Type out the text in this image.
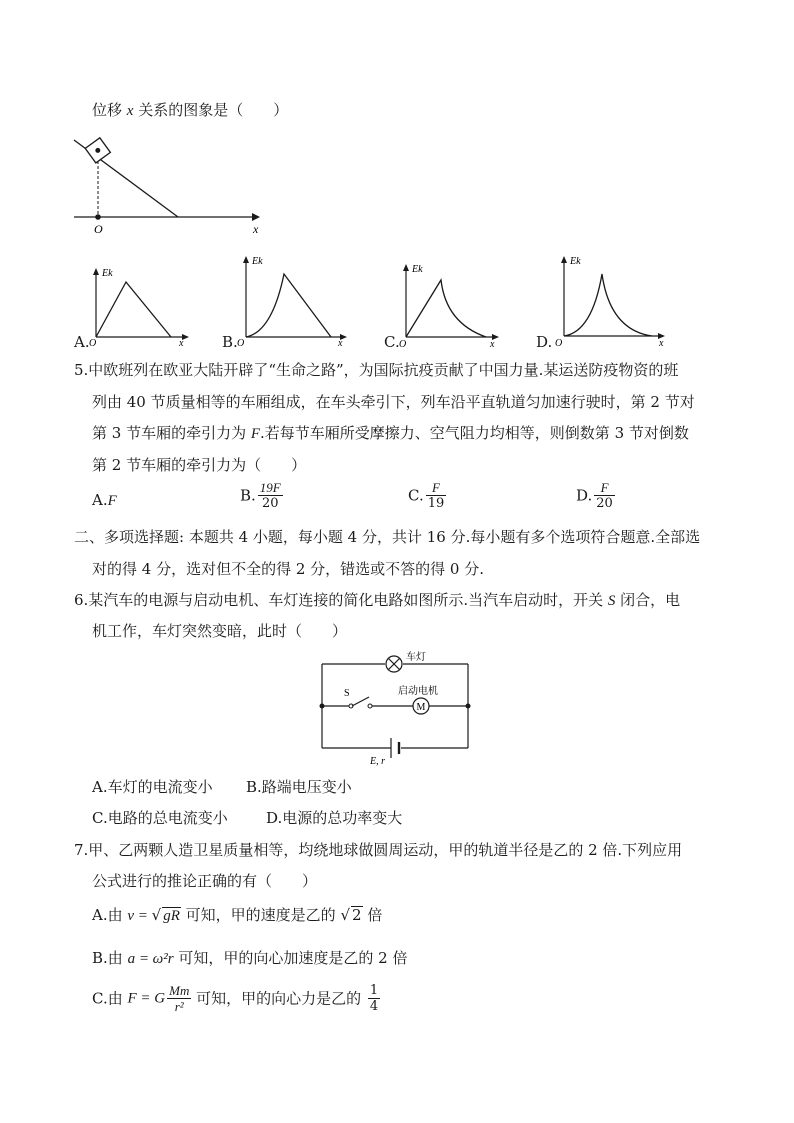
位移 x 关系的图象是（　　）
O	x
A.
Ek
O	x	B.
Ek
O	x	C.
Ek
O	x	D.
Ek
O	x
5.中欧班列在欧亚大陆开辟了“生命之路”，为国际抗疫贡献了中国力量.某运送防疫物资的班
列由 40 节质量相等的车厢组成，在车头牵引下，列车沿平直轨道匀加速行驶时，第 2 节对
第 3 节车厢的牵引力为 F.若每节车厢所受摩擦力、空气阻力均相等，则倒数第 3 节对倒数
第 2 节车厢的牵引力为（　　）
A.F	B. $\frac{19F}{20}$	C. $\frac{F}{19}$	D. $\frac{F}{20}$
二、多项选择题: 本题共 4 小题，每小题 4 分，共计 16 分.每小题有多个选项符合题意.全部选
对的得 4 分，选对但不全的得 2 分，错选或不答的得 0 分.
6.某汽车的电源与启动电机、车灯连接的简化电路如图所示.当汽车启动时，开关 S 闭合，电
机工作，车灯突然变暗，此时（　　）
车灯
S
M
启动电机
E, r
A.车灯的电流变小 B.路端电压变小
C.电路的总电流变小	D.电源的总功率变大
7.甲、乙两颗人造卫星质量相等，均绕地球做圆周运动，甲的轨道半径是乙的 2 倍.下列应用
公式进行的推论正确的有（　　）
A.由 v = √ gR 可知，甲的速度是乙的 √ 2 倍
B.由 a = ω²r 可知，甲的向心加速度是乙的 2 倍
C.由 F = G $\frac{Mm}{\text{r²}}$ 可知，甲的向心力是乙的 $\frac{1}{4}$
